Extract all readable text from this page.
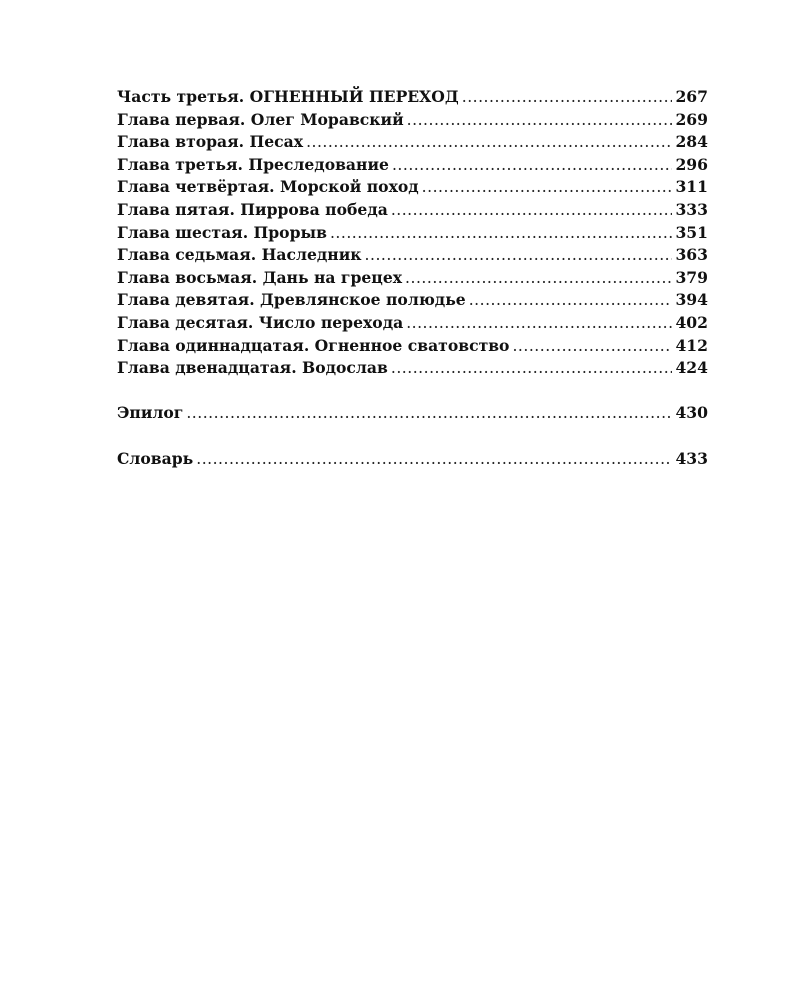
Часть третья. ОГНЕННЫЙ ПЕРЕХОД .....	267
Глава первая. Олег Моравский .....	269
Глава вторая. Песах .....	284
Глава третья. Преследование .....	296
Глава четвёртая. Морской поход .....	311
Глава пятая. Пиррова победа .....	333
Глава шестая. Прорыв .....	351
Глава седьмая. Наследник .....	363
Глава восьмая. Дань на грецех .....	379
Глава девятая. Древлянское полюдье .....	394
Глава десятая. Число перехода .....	402
Глава одиннадцатая. Огненное сватовство .....	412
Глава двенадцатая. Водослав .....	424
Эпилог .....	430
Словарь .....	433
